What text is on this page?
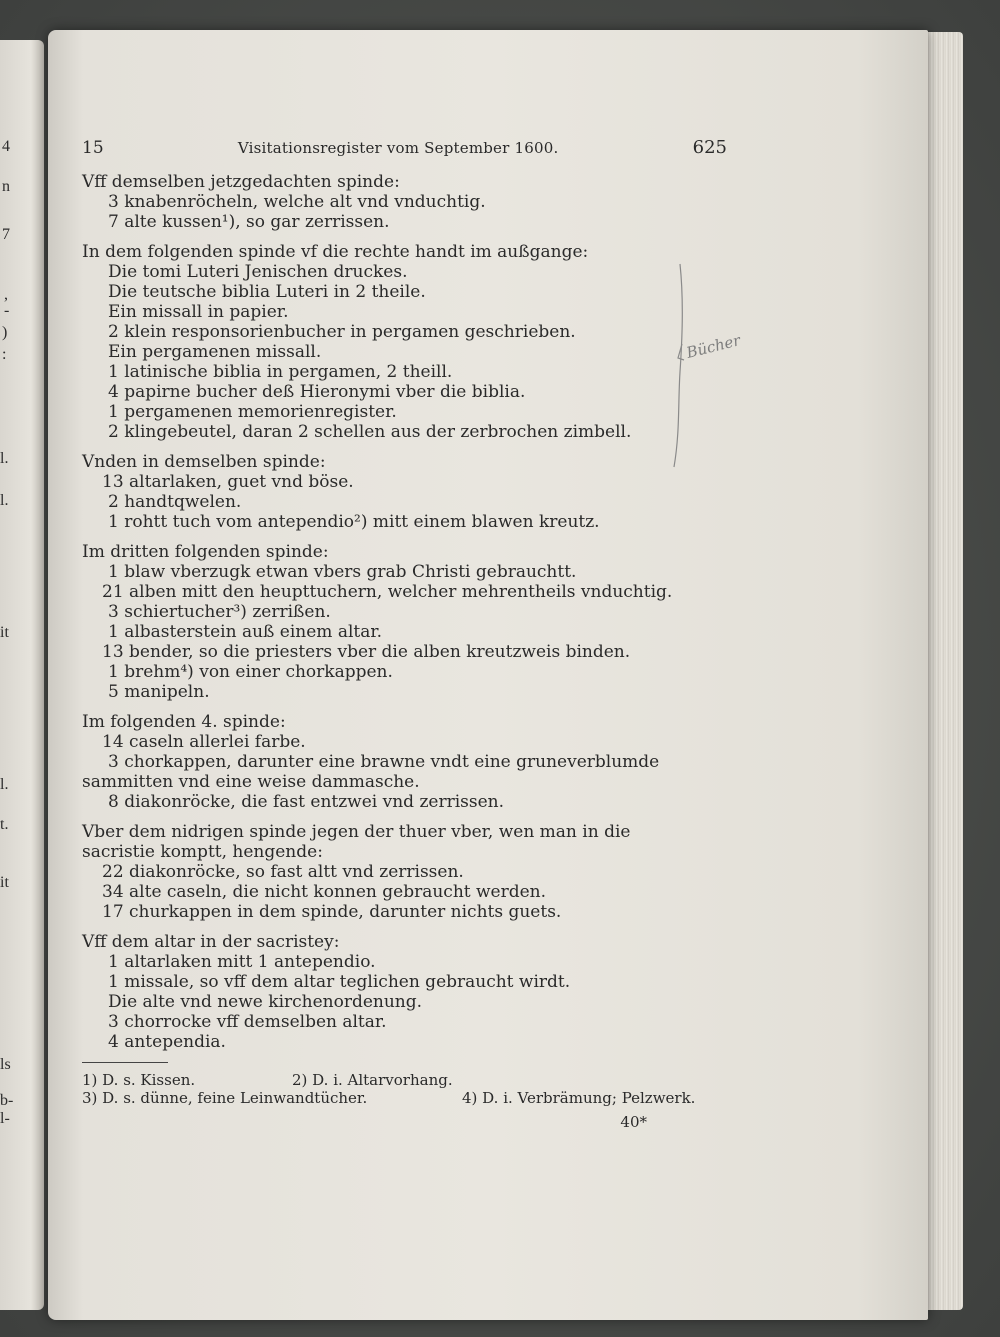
4
n
7
,
-
)
:
l.
l.
it
l.
t.
it
ls
b-
l-
15	Visitationsregister vom September 1600.	625
Vff demselben jetzgedachten spinde:
3 knabenröcheln, welche alt vnd vnduchtig.
7 alte kussen¹), so gar zerrissen.
In dem folgenden spinde vf die rechte handt im außgange:
Die tomi Luteri Jenischen druckes.
Die teutsche biblia Luteri in 2 theile.
Ein missall in papier.
2 klein responsorienbucher in pergamen geschrieben.
Ein pergamenen missall.
1 latinische biblia in pergamen, 2 theill.
4 papirne bucher deß Hieronymi vber die biblia.
1 pergamenen memorienregister.
2 klingebeutel, daran 2 schellen aus der zerbrochen zimbell.
Vnden in demselben spinde:
13 altarlaken, guet vnd böse.
2 handtqwelen.
1 rohtt tuch vom antependio²) mitt einem blawen kreutz.
Im dritten folgenden spinde:
1 blaw vberzugk etwan vbers grab Christi gebrauchtt.
21 alben mitt den heupttuchern, welcher mehrentheils vnduchtig.
3 schiertucher³) zerrißen.
1 albasterstein auß einem altar.
13 bender, so die priesters vber die alben kreutzweis binden.
1 brehm⁴) von einer chorkappen.
5 manipeln.
Im folgenden 4. spinde:
14 caseln allerlei farbe.
3 chorkappen, darunter eine brawne vndt eine gruneverblumde
sammitten vnd eine weise dammasche.
8 diakonröcke, die fast entzwei vnd zerrissen.
Vber dem nidrigen spinde jegen der thuer vber, wen man in die
sacristie komptt, hengende:
22 diakonröcke, so fast altt vnd zerrissen.
34 alte caseln, die nicht konnen gebraucht werden.
17 churkappen in dem spinde, darunter nichts guets.
Vff dem altar in der sacristey:
1 altarlaken mitt 1 antependio.
1 missale, so vff dem altar teglichen gebraucht wirdt.
Die alte vnd newe kirchenordenung.
3 chorrocke vff demselben altar.
4 antependia.
1) D. s. Kissen.	2) D. i. Altarvorhang.
3) D. s. dünne, feine Leinwandtücher.	4) D. i. Verbrämung; Pelzwerk.
40*
Bücher
